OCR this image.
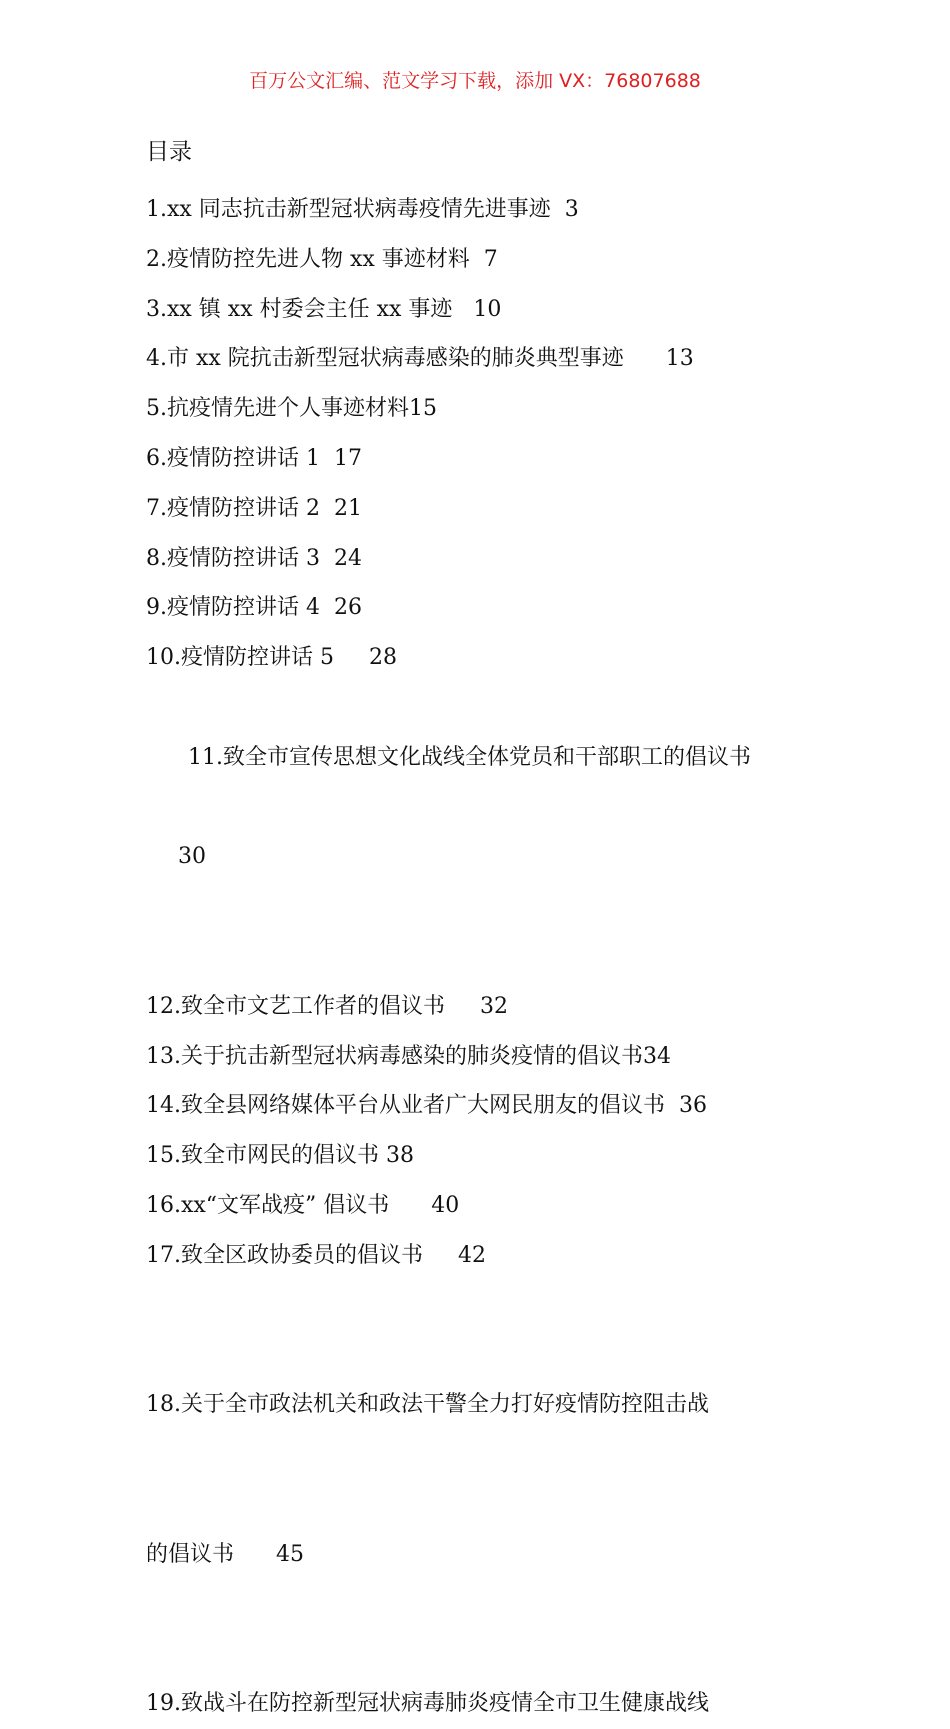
百万公文汇编、范文学习下载，添加 VX：76807688
目录
1.xx 同志抗击新型冠状病毒疫情先进事迹  3
2.疫情防控先进人物 xx 事迹材料  7
3.xx 镇 xx 村委会主任 xx 事迹   10
4.市 xx 院抗击新型冠状病毒感染的肺炎典型事迹      13
5.抗疫情先进个人事迹材料15
6.疫情防控讲话 1  17
7.疫情防控讲话 2  21
8.疫情防控讲话 3  24
9.疫情防控讲话 4  26
10.疫情防控讲话 5     28

11.致全市宣传思想文化战线全体党员和干部职工的倡议书

30

12.致全市文艺工作者的倡议书     32
13.关于抗击新型冠状病毒感染的肺炎疫情的倡议书34
14.致全县网络媒体平台从业者广大网民朋友的倡议书  36
15.致全市网民的倡议书 38
16.xx“文军战疫” 倡议书      40
17.致全区政协委员的倡议书     42

18.关于全市政法机关和政法干警全力打好疫情防控阻击战

的倡议书      45

19.致战斗在防控新型冠状病毒肺炎疫情全市卫生健康战线
